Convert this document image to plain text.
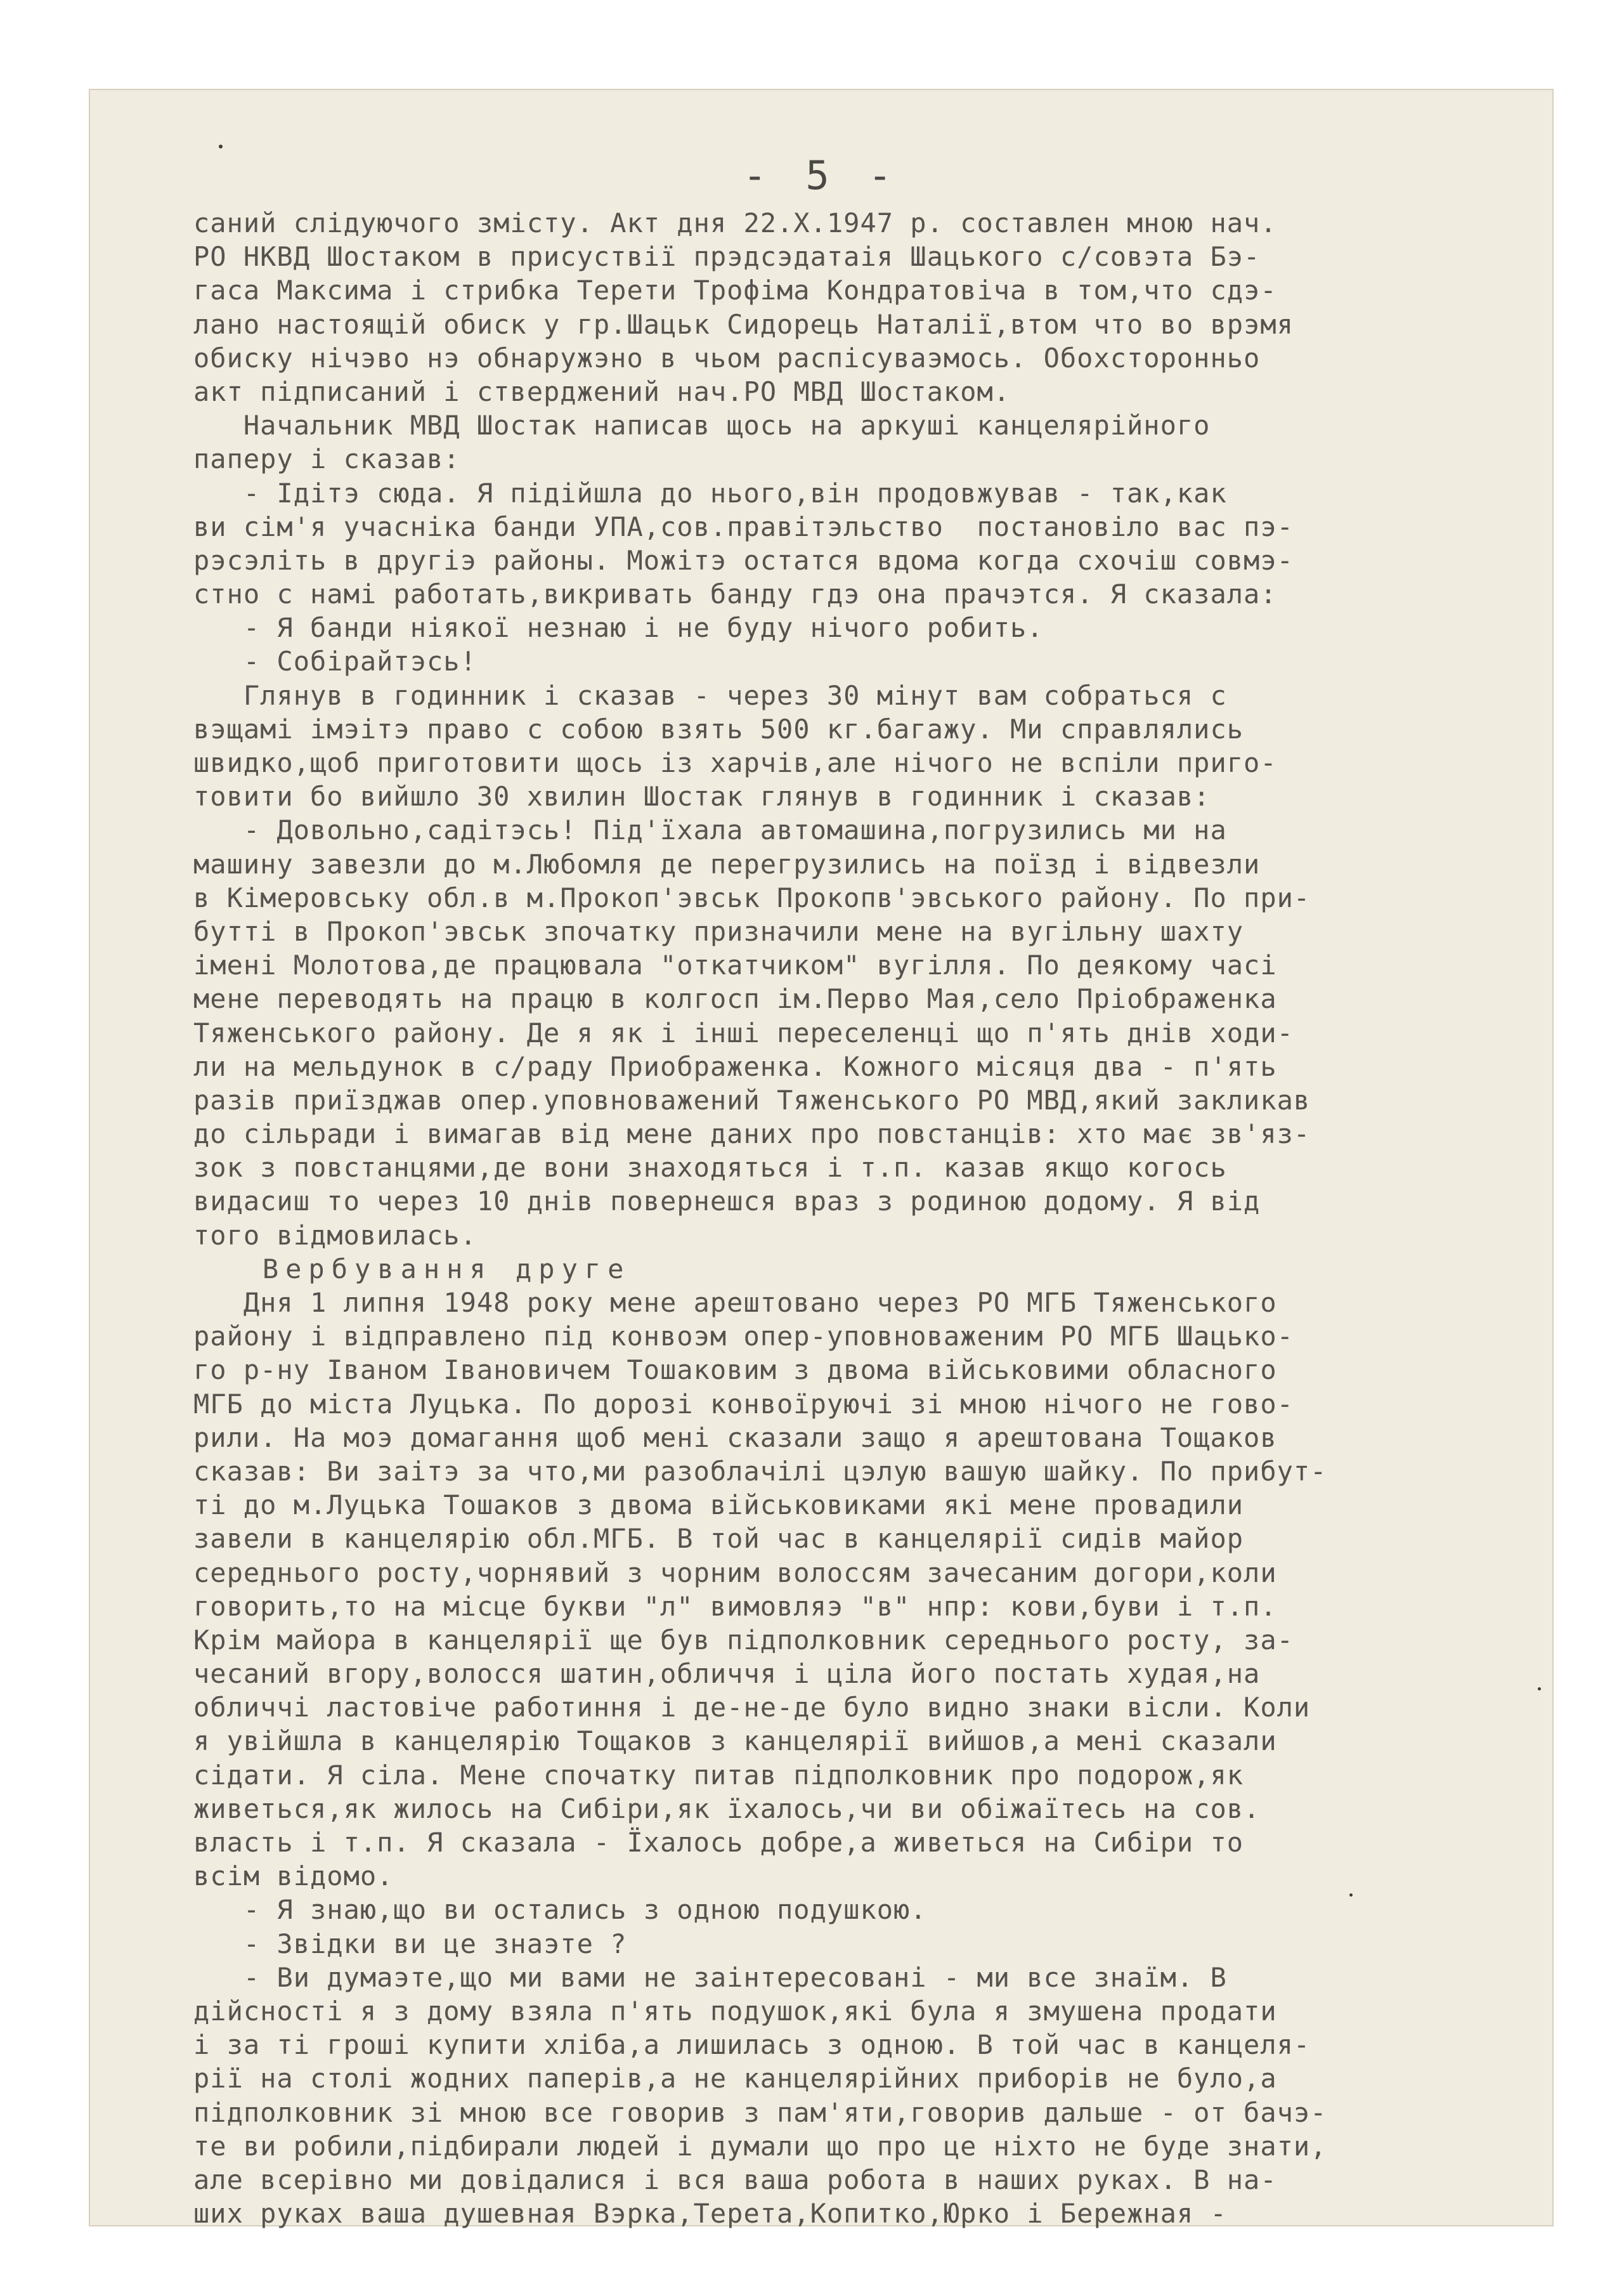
- 5 -
саний слідуючого змісту. Акт дня 22.Х.1947 р. составлен мною нач.
РО НКВД Шостаком в присуствії прэдсэдатаія Шацького с/совэта Бэ-
гаса Максима і стрибка Терети Трофіма Кондратовіча в том,что сдэ-
лано настоящій обиск у гр.Шацьк Сидорець Наталії,втом что во врэмя
обиску нічэво нэ обнаружэно в чьом распісуваэмось. Обохсторонньо
акт підписаний і стверджений нач.РО МВД Шостаком.
Начальник МВД Шостак написав щось на аркуші канцелярійного
паперу і сказав:
- Ідітэ сюда. Я підійшла до нього,він продовжував - так,как
ви сім'я учасніка банди УПА,сов.правітэльство  постановіло вас пэ-
рэсэліть в другіэ районы. Можітэ остатся вдома когда схочіш совмэ-
стно с намі работать,викривать банду гдэ она прачэтся. Я сказала:
- Я банди ніякої незнаю і не буду нічого робить.
- Собірайтэсь!
Глянув в годинник і сказав - через 30 мінут вам собраться с
вэщамі імэітэ право с собою взять 500 кг.багажу. Ми справлялись
швидко,щоб приготовити щось із харчів,але нічого не вспіли приго-
товити бо вийшло 30 хвилин Шостак глянув в годинник і сказав:
- Довольно,садітэсь! Під'їхала автомашина,погрузились ми на
машину завезли до м.Любомля де перегрузились на поїзд і відвезли
в Кімеровську обл.в м.Прокоп'эвськ Прокопв'эвського району. По при-
бутті в Прокоп'эвськ зпочатку призначили мене на вугільну шахту
імені Молотова,де працювала "откатчиком" вугілля. По деякому часі
мене переводять на працю в колгосп ім.Перво Мая,село Пріображенка
Тяженського району. Де я як і інші переселенці що п'ять днів ходи-
ли на мельдунок в с/раду Приображенка. Кожного місяця два - п'ять
разів приїзджав опер.уповноважений Тяженського РО МВД,який закликав
до сільради і вимагав від мене даних про повстанців: хто має зв'яз-
зок з повстанцями,де вони знаходяться і т.п. казав якщо когось
видасиш то через 10 днів повернешся враз з родиною додому. Я від
того відмовилась.
Вербування друге
Дня 1 липня 1948 року мене арештовано через РО МГБ Тяженського
району і відправлено під конвоэм опер-уповноваженим РО МГБ Шацько-
го р-ну Іваном Івановичем Тошаковим з двома військовими обласного
МГБ до міста Луцька. По дорозі конвоїруючі зі мною нічого не гово-
рили. На моэ домагання щоб мені сказали защо я арештована Тощаков
сказав: Ви заітэ за что,ми разоблачілі цэлую вашую шайку. По прибут-
ті до м.Луцька Тошаков з двома військовиками які мене провадили
завели в канцелярію обл.МГБ. В той час в канцелярії сидів майор
середнього росту,чорнявий з чорним волоссям зачесаним догори,коли
говорить,то на місце букви "л" вимовляэ "в" нпр: кови,буви і т.п.
Крім майора в канцелярії ще був підполковник середнього росту, за-
чесаний вгору,волосся шатин,обличчя і ціла його постать худая,на
обличчі ластовіче работиння і де-не-де було видно знаки вісли. Коли
я увійшла в канцелярію Тощаков з канцелярії вийшов,а мені сказали
сідати. Я сіла. Мене спочатку питав підполковник про подорож,як
живеться,як жилось на Сибіри,як їхалось,чи ви обіжаїтесь на сов.
власть і т.п. Я сказала - Їхалось добре,а живеться на Сибіри то
всім відомо.
- Я знаю,що ви остались з одною подушкою.
- Звідки ви це знаэте ?
- Ви думаэте,що ми вами не заінтересовані - ми все знаїм. В
дійсності я з дому взяла п'ять подушок,які була я змушена продати
і за ті гроші купити хліба,а лишилась з одною. В той час в канцеля-
рії на столі жодних паперів,а не канцелярійних приборів не було,а
підполковник зі мною все говорив з пам'яти,говорив дальше - от бачэ-
те ви робили,підбирали людей і думали що про це ніхто не буде знати,
але всерівно ми довідалися і вся ваша робота в наших руках. В на-
ших руках ваша душевная Вэрка,Терета,Копитко,Юрко і Бережная -
